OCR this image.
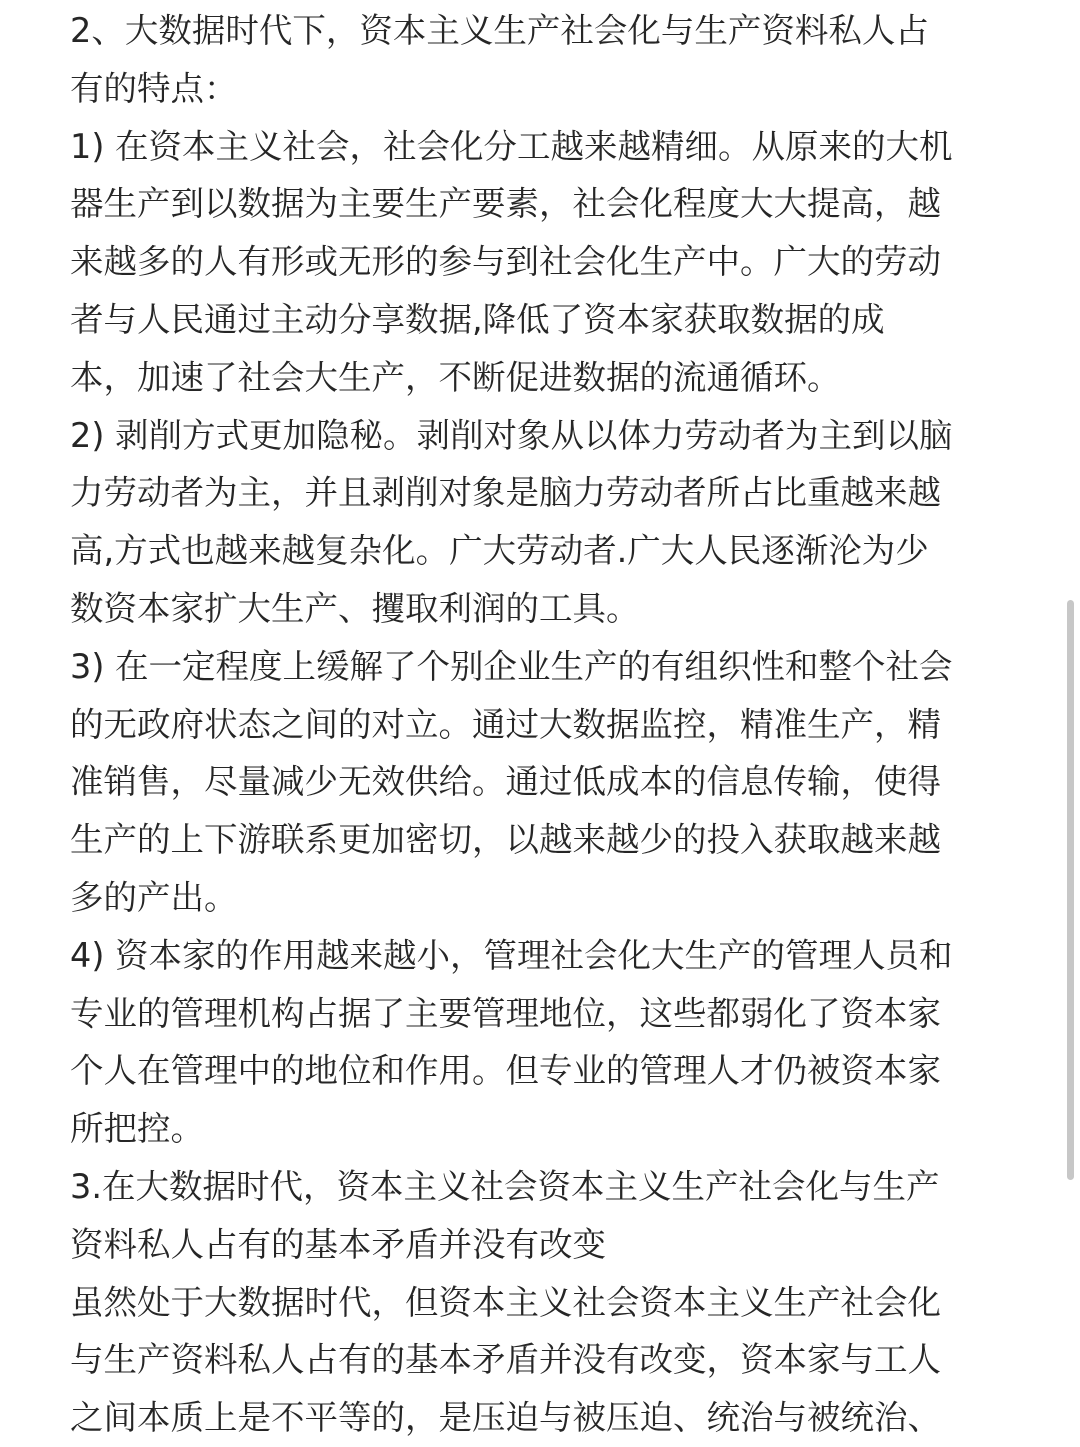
2、大数据时代下，资本主义生产社会化与生产资料私人占
有的特点：
1) 在资本主义社会，社会化分工越来越精细。从原来的大机
器生产到以数据为主要生产要素，社会化程度大大提高，越
来越多的人有形或无形的参与到社会化生产中。广大的劳动
者与人民通过主动分享数据,降低了资本家获取数据的成
本，加速了社会大生产，不断促进数据的流通循环。
2) 剥削方式更加隐秘。剥削对象从以体力劳动者为主到以脑
力劳动者为主，并且剥削对象是脑力劳动者所占比重越来越
高,方式也越来越复杂化。广大劳动者.广大人民逐渐沦为少
数资本家扩大生产、攫取利润的工具。
3) 在一定程度上缓解了个别企业生产的有组织性和整个社会
的无政府状态之间的对立。通过大数据监控，精准生产，精
准销售，尽量减少无效供给。通过低成本的信息传输，使得
生产的上下游联系更加密切，以越来越少的投入获取越来越
多的产出。
4) 资本家的作用越来越小，管理社会化大生产的管理人员和
专业的管理机构占据了主要管理地位，这些都弱化了资本家
个人在管理中的地位和作用。但专业的管理人才仍被资本家
所把控。
3.在大数据时代，资本主义社会资本主义生产社会化与生产
资料私人占有的基本矛盾并没有改变
虽然处于大数据时代，但资本主义社会资本主义生产社会化
与生产资料私人占有的基本矛盾并没有改变，资本家与工人
之间本质上是不平等的，是压迫与被压迫、统治与被统治、
